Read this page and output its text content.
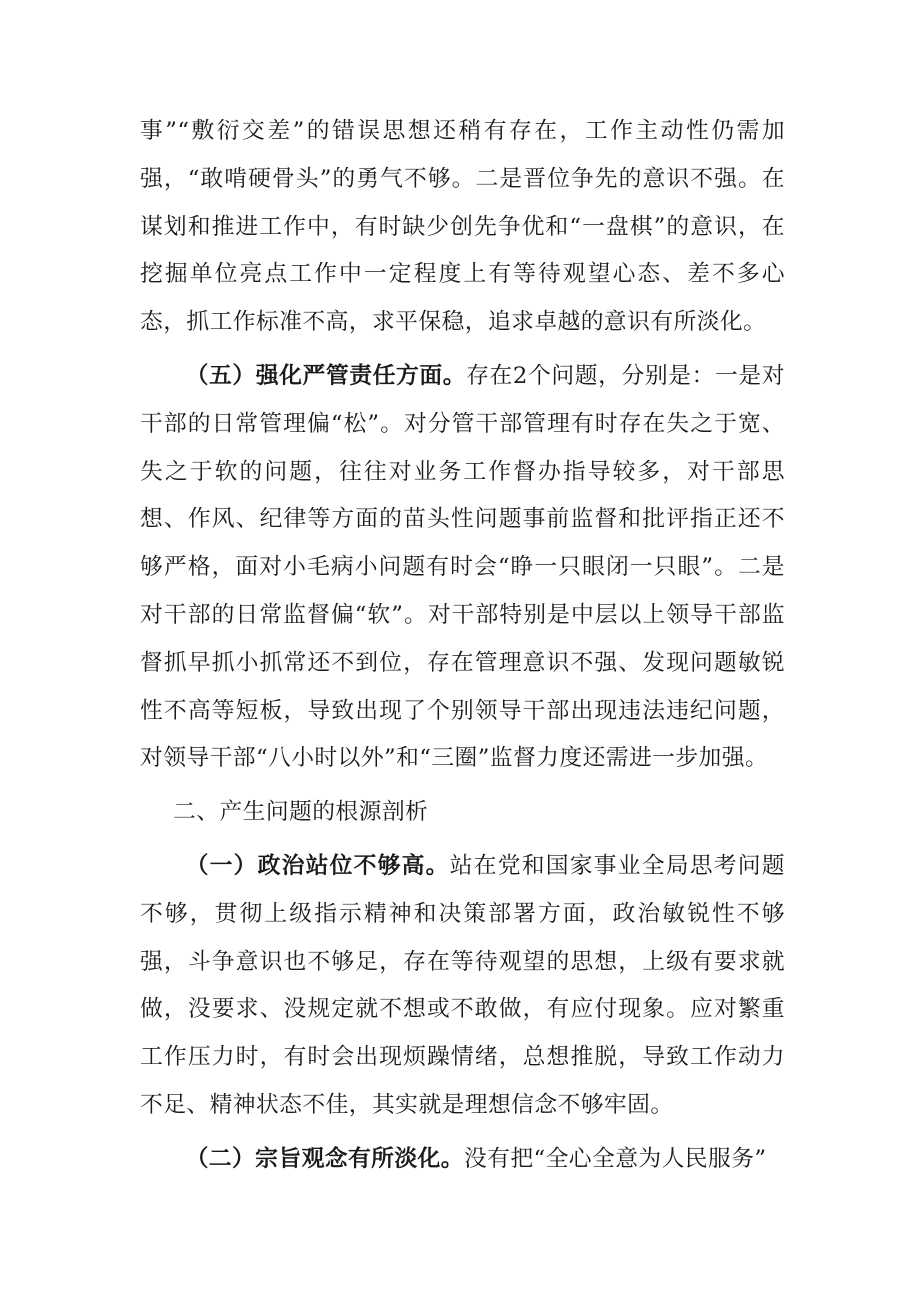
事”“敷衍交差”的错误思想还稍有存在，工作主动性仍需加强，“敢啃硬骨头”的勇气不够。二是晋位争先的意识不强。在谋划和推进工作中，有时缺少创先争优和“一盘棋”的意识，在挖掘单位亮点工作中一定程度上有等待观望心态、差不多心态，抓工作标准不高，求平保稳，追求卓越的意识有所淡化。

（五）强化严管责任方面。存在2个问题，分别是：一是对干部的日常管理偏“松”。对分管干部管理有时存在失之于宽、失之于软的问题，往往对业务工作督办指导较多，对干部思想、作风、纪律等方面的苗头性问题事前监督和批评指正还不够严格，面对小毛病小问题有时会“睁一只眼闭一只眼”。二是对干部的日常监督偏“软”。对干部特别是中层以上领导干部监督抓早抓小抓常还不到位，存在管理意识不强、发现问题敏锐性不高等短板，导致出现了个别领导干部出现违法违纪问题，对领导干部“八小时以外”和“三圈”监督力度还需进一步加强。

二、产生问题的根源剖析

（一）政治站位不够高。站在党和国家事业全局思考问题不够，贯彻上级指示精神和决策部署方面，政治敏锐性不够强，斗争意识也不够足，存在等待观望的思想，上级有要求就做，没要求、没规定就不想或不敢做，有应付现象。应对繁重工作压力时，有时会出现烦躁情绪，总想推脱，导致工作动力不足、精神状态不佳，其实就是理想信念不够牢固。

（二）宗旨观念有所淡化。没有把“全心全意为人民服务”
